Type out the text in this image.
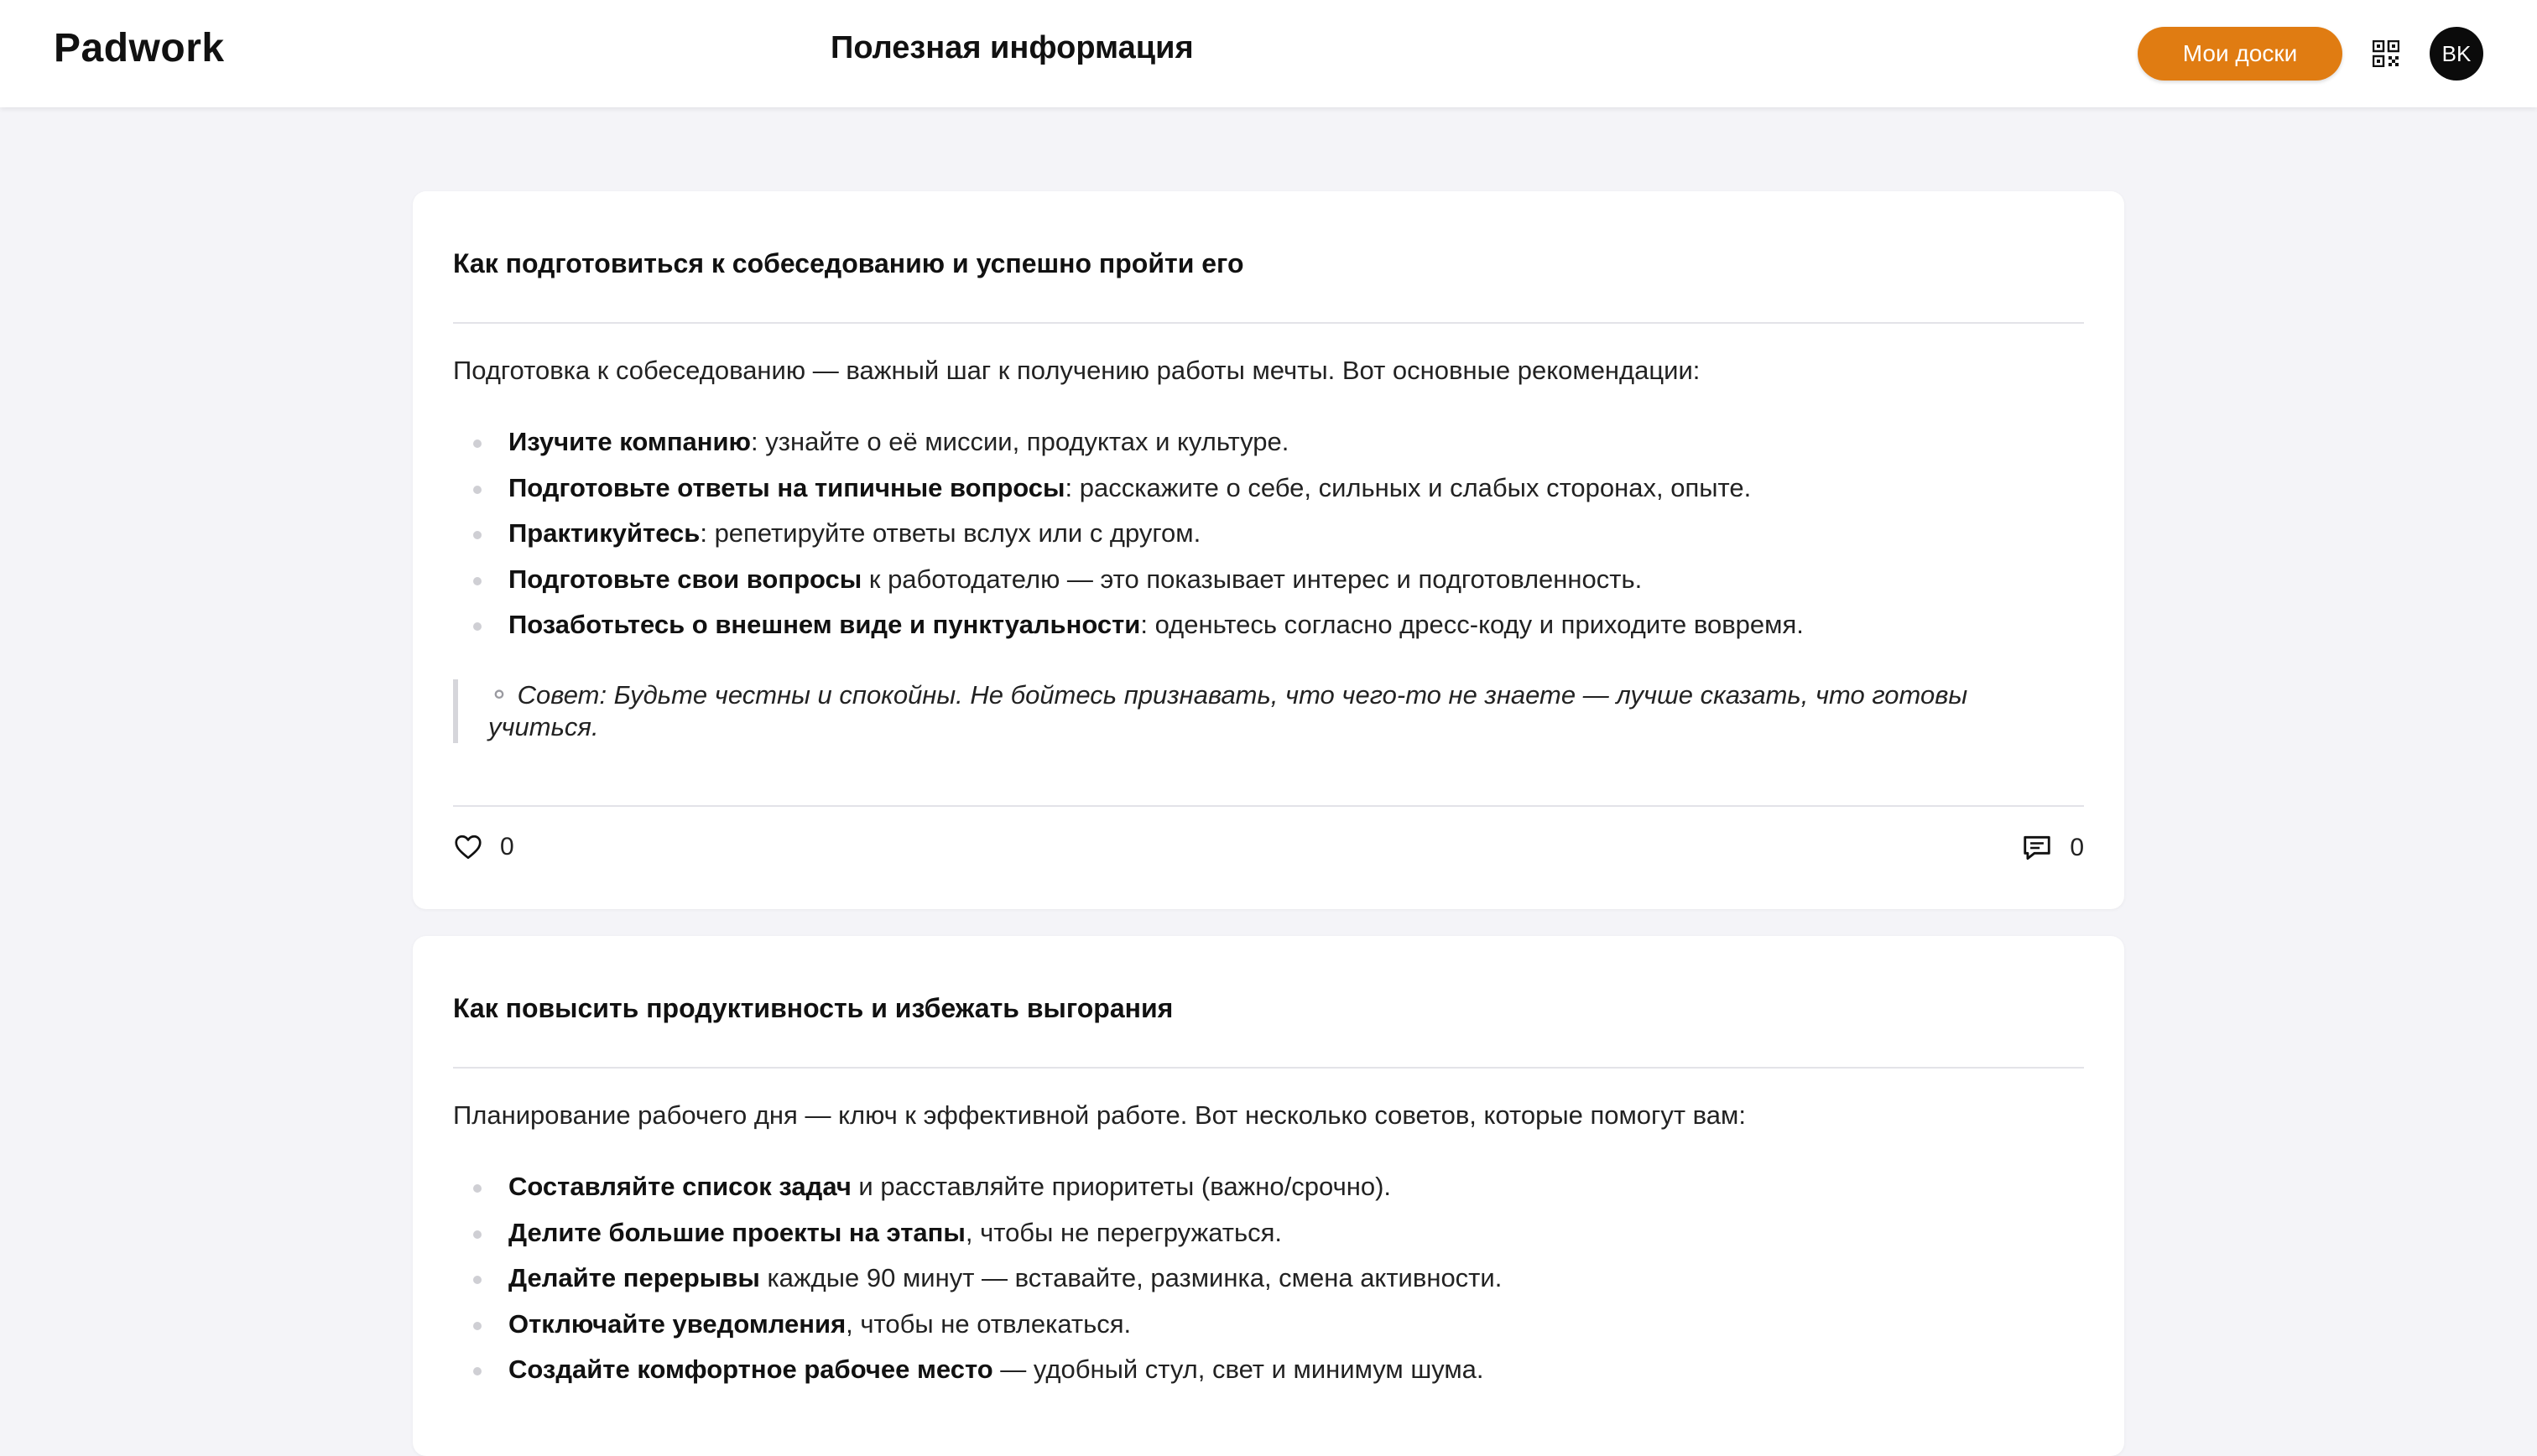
Padwork	Полезная информация	Мои доски	BK
Как подготовиться к собеседованию и успешно пройти его
Подготовка к собеседованию — важный шаг к получению работы мечты. Вот основные рекомендации:
Изучите компанию: узнайте о её миссии, продуктах и культуре.
Подготовьте ответы на типичные вопросы: расскажите о себе, сильных и слабых сторонах, опыте.
Практикуйтесь: репетируйте ответы вслух или с другом.
Подготовьте свои вопросы к работодателю — это показывает интерес и подготовленность.
Позаботьтесь о внешнем виде и пунктуальности: оденьтесь согласно дресс-коду и приходите вовремя.
⚬ Совет: Будьте честны и спокойны. Не бойтесь признавать, что чего-то не знаете — лучше сказать, что готовы учиться.
0	0
Как повысить продуктивность и избежать выгорания
Планирование рабочего дня — ключ к эффективной работе. Вот несколько советов, которые помогут вам:
Составляйте список задач и расставляйте приоритеты (важно/срочно).
Делите большие проекты на этапы, чтобы не перегружаться.
Делайте перерывы каждые 90 минут — вставайте, разминка, смена активности.
Отключайте уведомления, чтобы не отвлекаться.
Создайте комфортное рабочее место — удобный стул, свет и минимум шума.
